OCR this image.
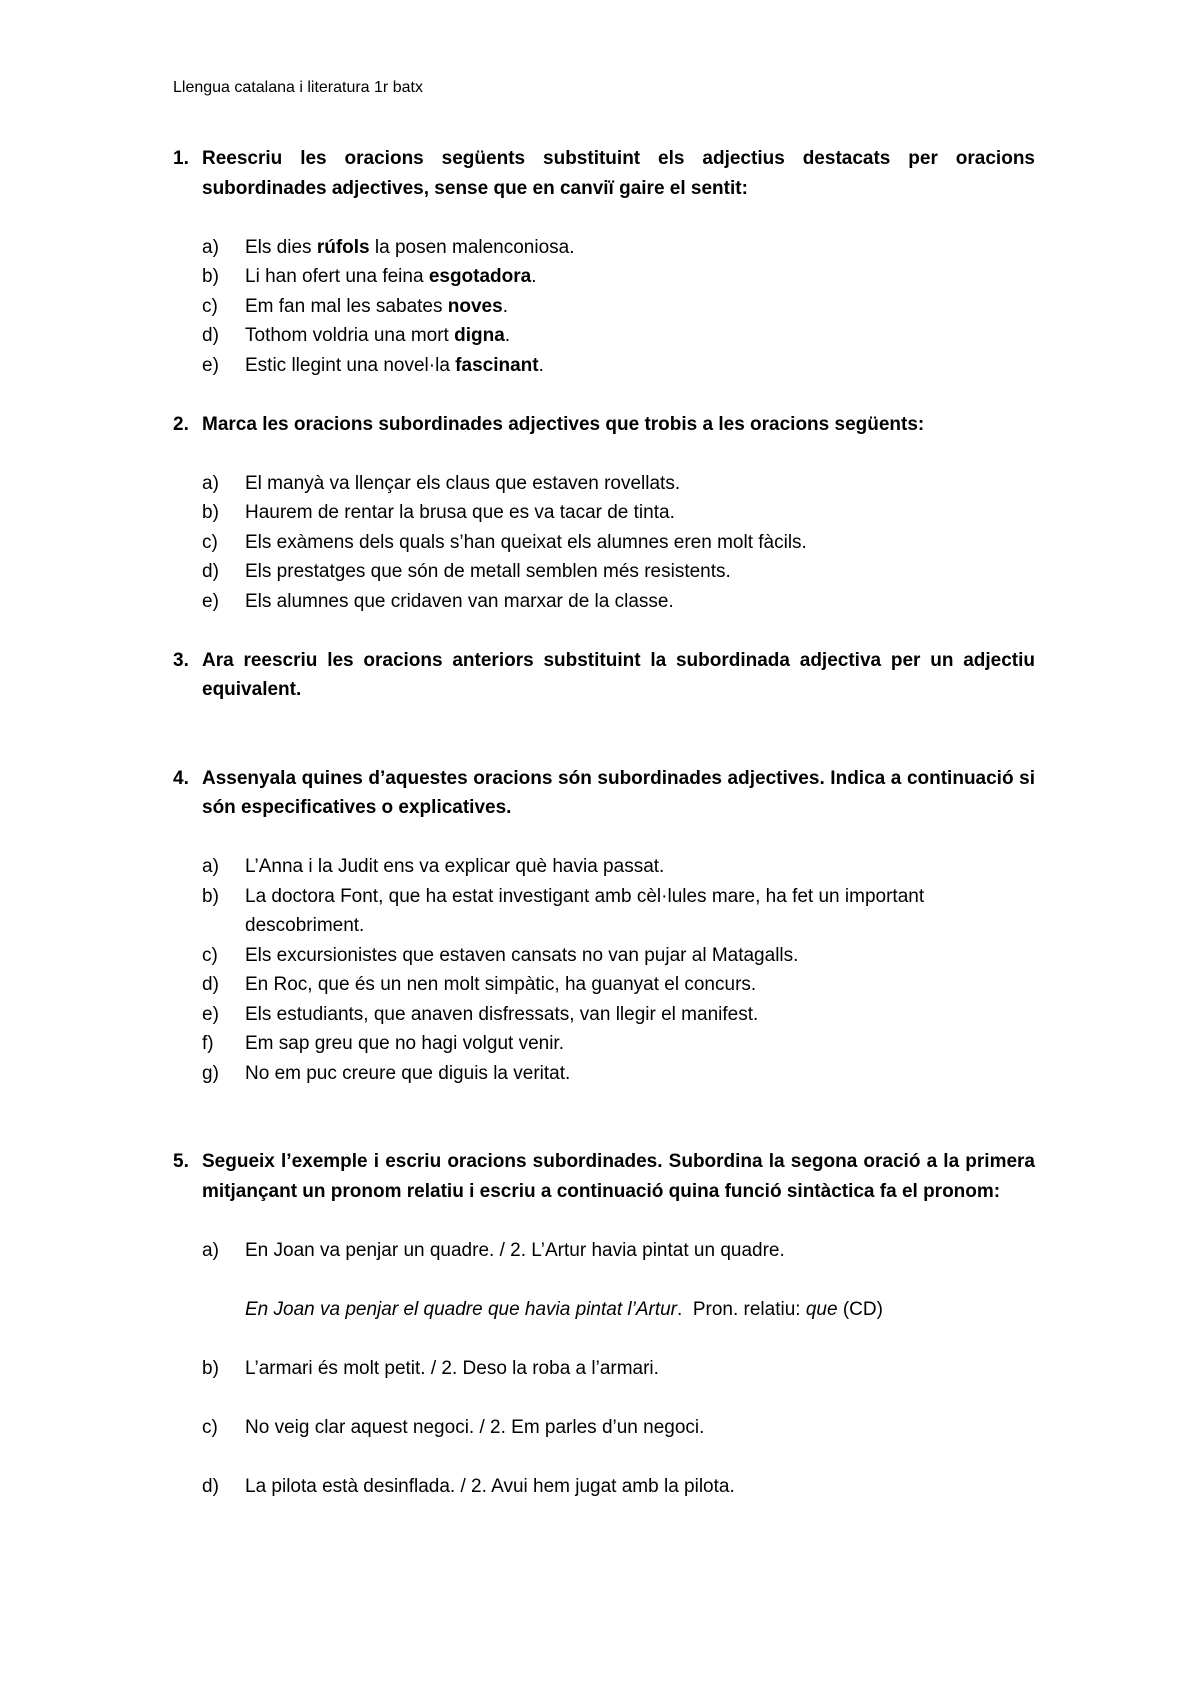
Llengua catalana i literatura 1r batx
1. Reescriu les oracions següents substituint els adjectius destacats per oracions subordinades adjectives, sense que en canviï gaire el sentit:
a)	Els dies rúfols la posen malenconiosa.
b)	Li han ofert una feina esgotadora.
c)	Em fan mal les sabates noves.
d)	Tothom voldria una mort digna.
e)	Estic llegint una novel·la fascinant.
2. Marca les oracions subordinades adjectives que trobis a les oracions següents:
a)	El manyà va llençar els claus que estaven rovellats.
b)	Haurem de rentar la brusa que es va tacar de tinta.
c)	Els exàmens dels quals s’han queixat els alumnes eren molt fàcils.
d)	Els prestatges que són de metall semblen més resistents.
e)	Els alumnes que cridaven van marxar de la classe.
3. Ara reescriu les oracions anteriors substituint la subordinada adjectiva per un adjectiu equivalent.
4. Assenyala quines d’aquestes oracions són subordinades adjectives. Indica a continuació si són especificatives o explicatives.
a)	L’Anna i la Judit ens va explicar què havia passat.
b)	La doctora Font, que ha estat investigant amb cèl·lules mare, ha fet un important descobriment.
c)	Els excursionistes que estaven cansats no van pujar al Matagalls.
d)	En Roc, que és un nen molt simpàtic, ha guanyat el concurs.
e)	Els estudiants, que anaven disfressats, van llegir el manifest.
f)	Em sap greu que no hagi volgut venir.
g)	No em puc creure que diguis la veritat.
5. Segueix l’exemple i escriu oracions subordinades. Subordina la segona oració a la primera mitjançant un pronom relatiu i escriu a continuació quina funció sintàctica fa el pronom:
a)	En Joan va penjar un quadre. / 2. L’Artur havia pintat un quadre.
En Joan va penjar el quadre que havia pintat l’Artur. Pron. relatiu: que (CD)
b)	L’armari és molt petit. / 2. Deso la roba a l’armari.
c)	No veig clar aquest negoci. / 2. Em parles d’un negoci.
d)	La pilota està desinflada. / 2. Avui hem jugat amb la pilota.
